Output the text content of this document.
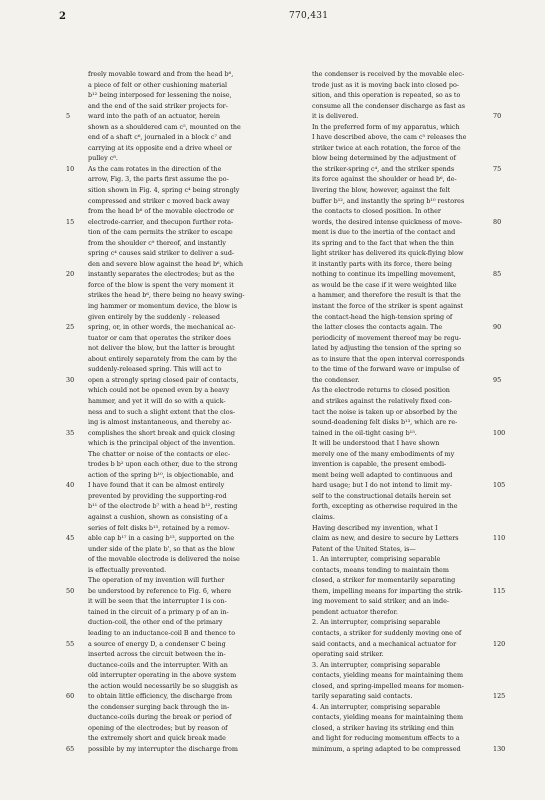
2	770,431
5
10
15
20
25
30
35
40
45
50
55
60
65
freely movable toward and from the head b⁶,
a piece of felt or other cushioning material
b¹² being interposed for lessening the noise,
and the end of the said striker projects for-
ward into the path of an actuator, herein
shown as a shouldered cam c⁵, mounted on the
end of a shaft c⁶, journaled in a block c⁷ and
carrying at its opposite end a drive wheel or
pulley c⁸.
As the cam rotates in the direction of the
arrow, Fig. 3, the parts first assume the po-
sition shown in Fig. 4, spring c⁴ being strongly
compressed and striker c moved back away
from the head b⁶ of the movable electrode or
electrode-carrier, and thecupon further rota-
tion of the cam permits the striker to escape
from the shoulder c⁹ thereof, and instantly
spring c⁴ causes said striker to deliver a sud-
den and severe blow against the head b⁶, which
instantly separates the electrodes; but as the
force of the blow is spent the very moment it
strikes the head b⁶, there being no heavy swing-
ing hammer or momentum device, the blow is
given entirely by the suddenly - released
spring, or, in other words, the mechanical ac-
tuator or cam that operates the striker does
not deliver the blow, but the latter is brought
about entirely separately from the cam by the
suddenly-released spring. This will act to
open a strongly spring closed pair of contacts,
which could not be opened even by a heavy
hammer, and yet it will do so with a quick-
ness and to such a slight extent that the clos-
ing is almost instantaneous, and thereby ac-
complishes the short break and quick closing
which is the principal object of the invention.
The chatter or noise of the contacts or elec-
trodes b b² upon each other, due to the strong
action of the spring b¹⁰, is objectionable, and
I have found that it can be almost entirely
prevented by providing the supporting-rod
b¹¹ of the electrode b⁷ with a head b¹², resting
against a cushion, shown as consisting of a
series of felt disks b¹³, retained by a remov-
able cap b¹⁷ in a casing b¹³, supported on the
under side of the plate b', so that as the blow
of the movable electrode is delivered the noise
is effectually prevented.
The operation of my invention will further
be understood by reference to Fig. 6, where
it will be seen that the interrupter I is con-
tained in the circuit of a primary p of an in-
duction-coil, the other end of the primary
leading to an inductance-coil B and thence to
a source of energy D, a condenser C being
inserted across the circuit between the in-
ductance-coils and the interrupter. With an
old interrupter operating in the above system
the action would necessarily be so sluggish as
to obtain little efficiency, the discharge from
the condenser surging back through the in-
ductance-coils during the break or period of
opening of the electrodes; but by reason of
the extremely short and quick break made
possible by my interrupter the discharge from
the condenser is received by the movable elec-
trode just as it is moving back into closed po-
sition, and this operation is repeated, so as to
consume all the condenser discharge as fast as
it is delivered.
In the preferred form of my apparatus, which
I have described above, the cam c⁵ releases the
striker twice at each rotation, the force of the
blow being determined by the adjustment of
the striker-spring c⁴, and the striker spends
its force against the shoulder or head b⁶, de-
livering the blow, however, against the felt
buffer b¹², and instantly the spring b¹⁰ restores
the contacts to closed position. In other
words, the desired intense quickness of move-
ment is due to the inertia of the contact and
its spring and to the fact that when the thin
light striker has delivered its quick-flying blow
it instantly parts with its force, there being
nothing to continue its impelling movement,
as would be the case if it were weighted like
a hammer, and therefore the result is that the
instant the force of the striker is spent against
the contact-head the high-tension spring of
the latter closes the contacts again. The
periodicity of movement thereof may be regu-
lated by adjusting the tension of the spring so
as to insure that the open interval corresponds
to the time of the forward wave or impulse of
the condenser.
As the electrode returns to closed position
and strikes against the relatively fixed con-
tact the noise is taken up or absorbed by the
sound-deadening felt disks b¹³, which are re-
tained in the oil-tight casing b¹⁵.
It will be understood that I have shown
merely one of the many embodiments of my
invention is capable, the present embodi-
ment being well adapted to continuous and
hard usage; but I do not intend to limit my-
self to the constructional details herein set
forth, excepting as otherwise required in the
claims.
Having described my invention, what I
claim as new, and desire to secure by Letters
Patent of the United States, is—
1. An interrupter, comprising separable
contacts, means tending to maintain them
closed, a striker for momentarily separating
them, impelling means for imparting the strik-
ing movement to said striker, and an inde-
pendent actuator therefor.
2. An interrupter, comprising separable
contacts, a striker for suddenly moving one of
said contacts, and a mechanical actuator for
operating said striker.
3. An interrupter, comprising separable
contacts, yielding means for maintaining them
closed, and spring-impelled means for momen-
tarily separating said contacts.
4. An interrupter, comprising separable
contacts, yielding means for maintaining them
closed, a striker having its striking end thin
and light for reducing momentum effects to a
minimum, a spring adapted to be compressed
70
75
80
85
90
95
100
105
110
115
120
125
130
